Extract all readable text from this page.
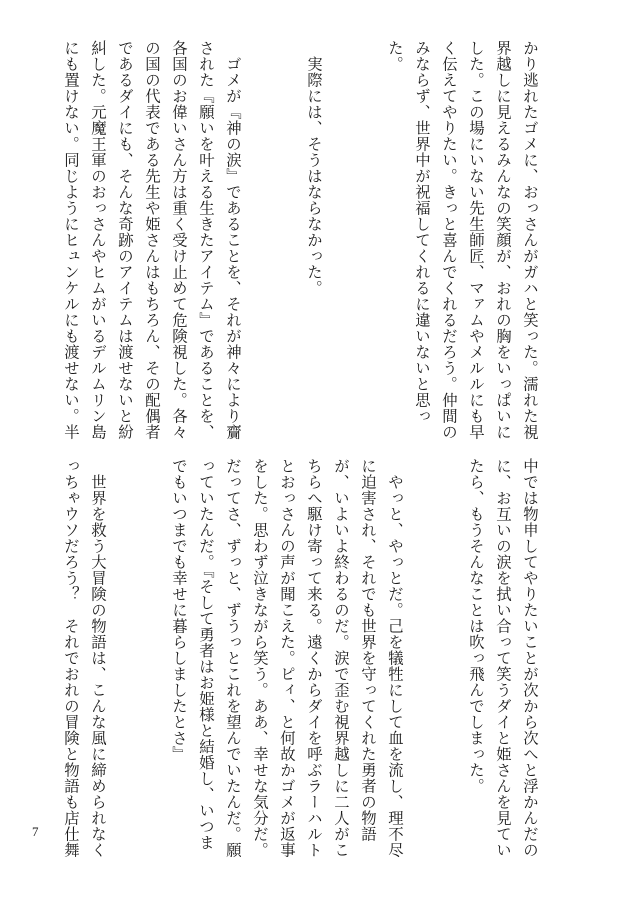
かり逃れたゴメに、おっさんがガハと笑った。濡れた視界越しに見えるみんなの笑顔が、おれの胸をいっぱいにした。この場にいない先生師匠、マァムやメルルにも早く伝えてやりたい。きっと喜んでくれるだろう。仲間のみならず、世界中が祝福してくれるに違いないと思った。

　実際には、そうはならなかった。

　ゴメが『神の涙』であることを、それが神々により齎された『願いを叶える生きたアイテム』であることを、各国のお偉いさん方は重く受け止めて危険視した。各々の国の代表である先生や姫さんはもちろん、その配偶者であるダイにも、そんな奇跡のアイテムは渡せないと紛糾した。元魔王軍のおっさんやヒムがいるデルムリン島にも置けない。同じようにヒュンケルにも渡せない。半

中では物申してやりたいことが次から次へと浮かんだのに、お互いの涙を拭い合って笑うダイと姫さんを見ていたら、もうそんなことは吹っ飛んでしまった。

　やっと、やっとだ。己を犠牲にして血を流し、理不尽に迫害され、それでも世界を守ってくれた勇者の物語が、いよいよ終わるのだ。涙で歪む視界越しに二人がこちらへ駆け寄って来る。遠くからダイを呼ぶラーハルトとおっさんの声が聞こえた。ピィ、と何故かゴメが返事をした。思わず泣きながら笑う。ああ、幸せな気分だ。だってさ、ずっと、ずうっとこれを望んでいたんだ。願っていたんだ。『そして勇者はお姫様と結婚し、いつまでもいつまでも幸せに暮らしましたとさ』

　世界を救う大冒険の物語は、こんな風に締められなくっちゃウソだろう？　それでおれの冒険と物語も店仕舞

7
